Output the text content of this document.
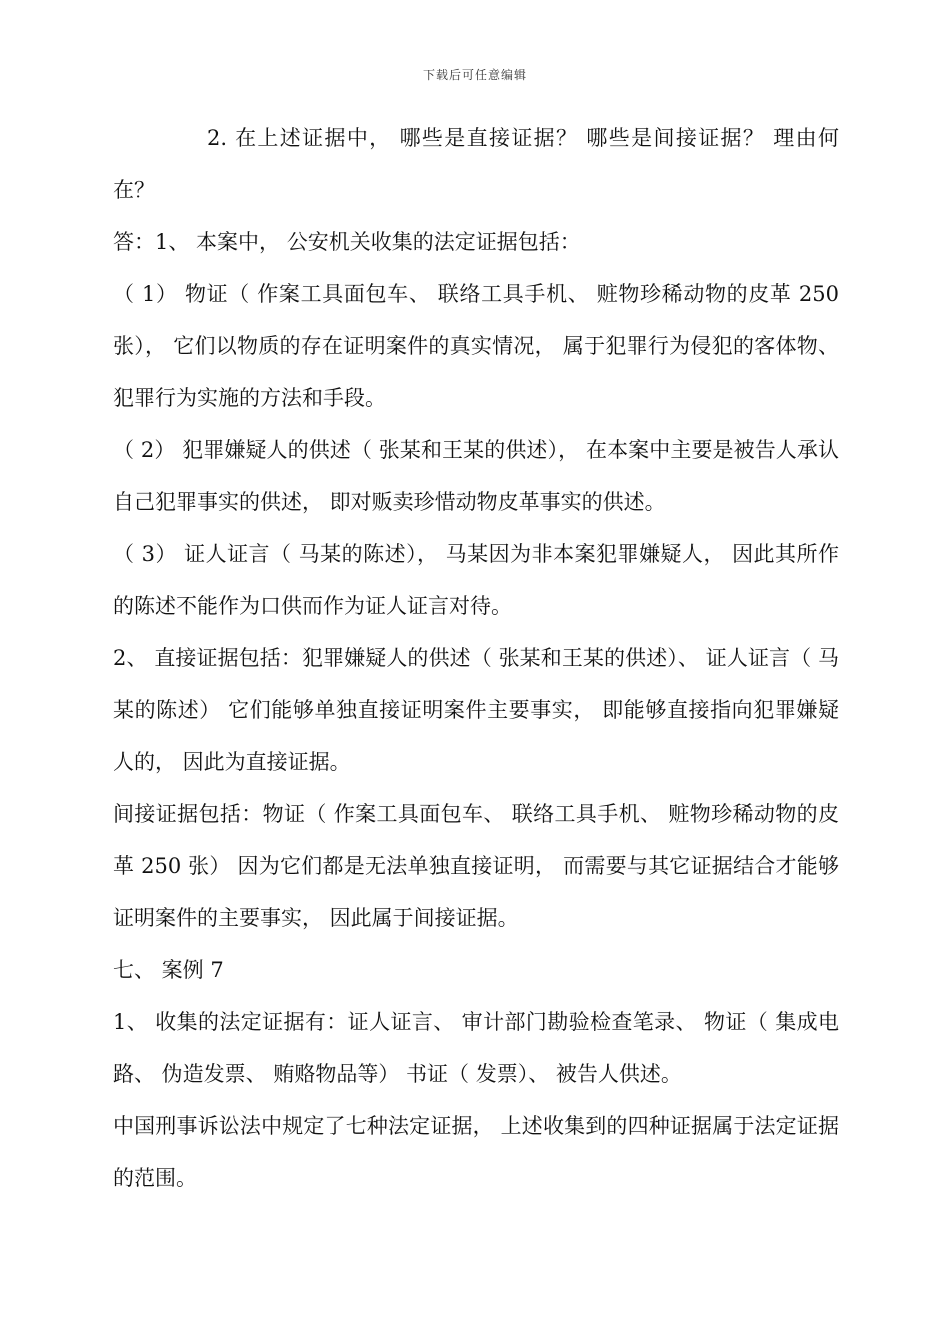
下载后可任意编辑

2. 在上述证据中， 哪些是直接证据？ 哪些是间接证据？ 理由何在？

答：1、 本案中， 公安机关收集的法定证据包括：

（ 1） 物证（ 作案工具面包车、 联络工具手机、 赃物珍稀动物的皮革 250 张）， 它们以物质的存在证明案件的真实情况， 属于犯罪行为侵犯的客体物、 犯罪行为实施的方法和手段。

（ 2） 犯罪嫌疑人的供述（ 张某和王某的供述）， 在本案中主要是被告人承认自己犯罪事实的供述， 即对贩卖珍惜动物皮革事实的供述。

（ 3） 证人证言（ 马某的陈述）， 马某因为非本案犯罪嫌疑人， 因此其所作的陈述不能作为口供而作为证人证言对待。

2、 直接证据包括：犯罪嫌疑人的供述（ 张某和王某的供述）、 证人证言（ 马某的陈述） 它们能够单独直接证明案件主要事实， 即能够直接指向犯罪嫌疑人的， 因此为直接证据。

间接证据包括：物证（ 作案工具面包车、 联络工具手机、 赃物珍稀动物的皮革 250 张） 因为它们都是无法单独直接证明， 而需要与其它证据结合才能够证明案件的主要事实， 因此属于间接证据。

七、 案例 7

1、 收集的法定证据有：证人证言、 审计部门勘验检查笔录、 物证（ 集成电路、 伪造发票、 贿赂物品等） 书证（ 发票）、 被告人供述。

中国刑事诉讼法中规定了七种法定证据， 上述收集到的四种证据属于法定证据的范围。
